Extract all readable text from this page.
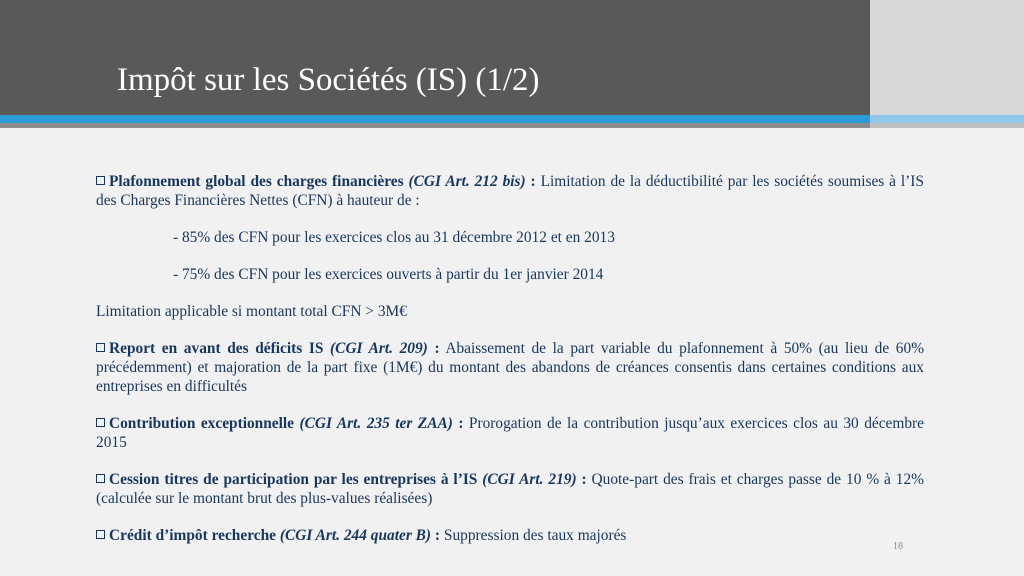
Impôt sur les Sociétés (IS) (1/2)

Plafonnement global des charges financières (CGI Art. 212 bis) : Limitation de la déductibilité par les sociétés soumises à l’IS des Charges Financières Nettes (CFN) à hauteur de :

- 85% des CFN pour les exercices clos au 31 décembre 2012 et en 2013

- 75% des CFN pour les exercices ouverts à partir du 1er janvier 2014

Limitation applicable si montant total CFN > 3M€

Report en avant des déficits IS (CGI Art. 209) : Abaissement de la part variable du plafonnement à 50% (au lieu de 60% précédemment) et majoration de la part fixe (1M€) du montant des abandons de créances consentis dans certaines conditions aux entreprises en difficultés

Contribution exceptionnelle (CGI Art. 235 ter ZAA) : Prorogation de la contribution jusqu’aux exercices clos au 30 décembre 2015

Cession titres de participation par les entreprises à l’IS (CGI Art. 219) : Quote-part des frais et charges passe de 10 % à 12% (calculée sur le montant brut des plus-values réalisées)

Crédit d’impôt recherche (CGI Art. 244 quater B) : Suppression des taux majorés

18
